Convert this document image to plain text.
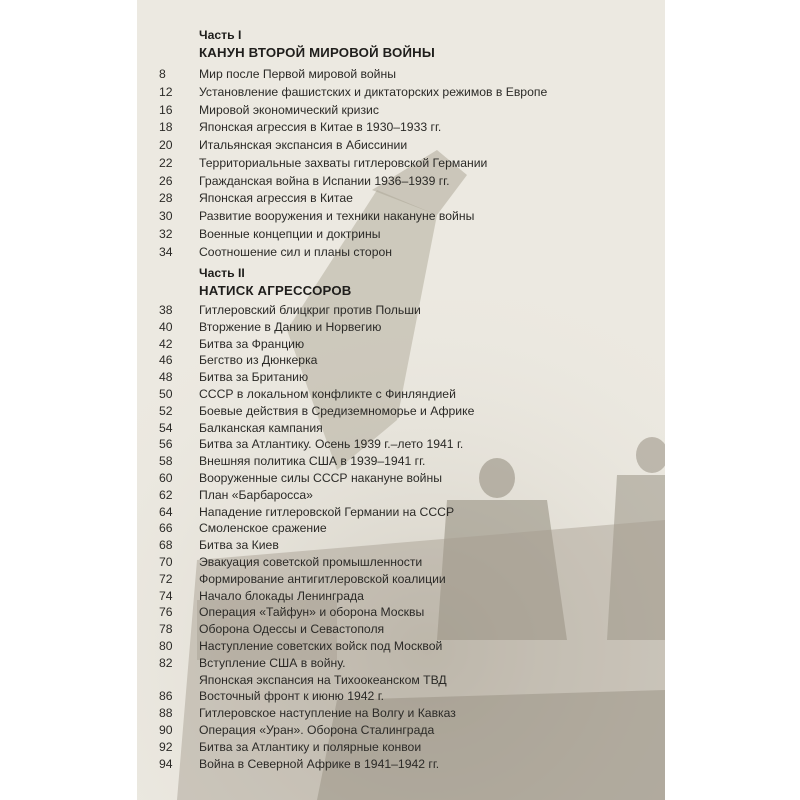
Часть I
КАНУН ВТОРОЙ МИРОВОЙ ВОЙНЫ
8	Мир после Первой мировой войны
12	Установление фашистских и диктаторских режимов в Европе
16	Мировой экономический кризис
18	Японская агрессия в Китае в 1930–1933 гг.
20	Итальянская экспансия в Абиссинии
22	Территориальные захваты гитлеровской Германии
26	Гражданская война в Испании 1936–1939 гг.
28	Японская агрессия в Китае
30	Развитие вооружения и техники накануне войны
32	Военные концепции и доктрины
34	Соотношение сил и планы сторон
Часть II
НАТИСК АГРЕССОРОВ
38	Гитлеровский блицкриг против Польши
40	Вторжение в Данию и Норвегию
42	Битва за Францию
46	Бегство из Дюнкерка
48	Битва за Британию
50	СССР в локальном конфликте с Финляндией
52	Боевые действия в Средиземноморье и Африке
54	Балканская кампания
56	Битва за Атлантику. Осень 1939 г.–лето 1941 г.
58	Внешняя политика США в 1939–1941 гг.
60	Вооруженные силы СССР накануне войны
62	План «Барбаросса»
64	Нападение гитлеровской Германии на СССР
66	Смоленское сражение
68	Битва за Киев
70	Эвакуация советской промышленности
72	Формирование антигитлеровской коалиции
74	Начало блокады Ленинграда
76	Операция «Тайфун» и оборона Москвы
78	Оборона Одессы и Севастополя
80	Наступление советских войск под Москвой
82	Вступление США в войну.
Японская экспансия на Тихоокеанском ТВД
86	Восточный фронт к июню 1942 г.
88	Гитлеровское наступление на Волгу и Кавказ
90	Операция «Уран». Оборона Сталинграда
92	Битва за Атлантику и полярные конвои
94	Война в Северной Африке в 1941–1942 гг.
